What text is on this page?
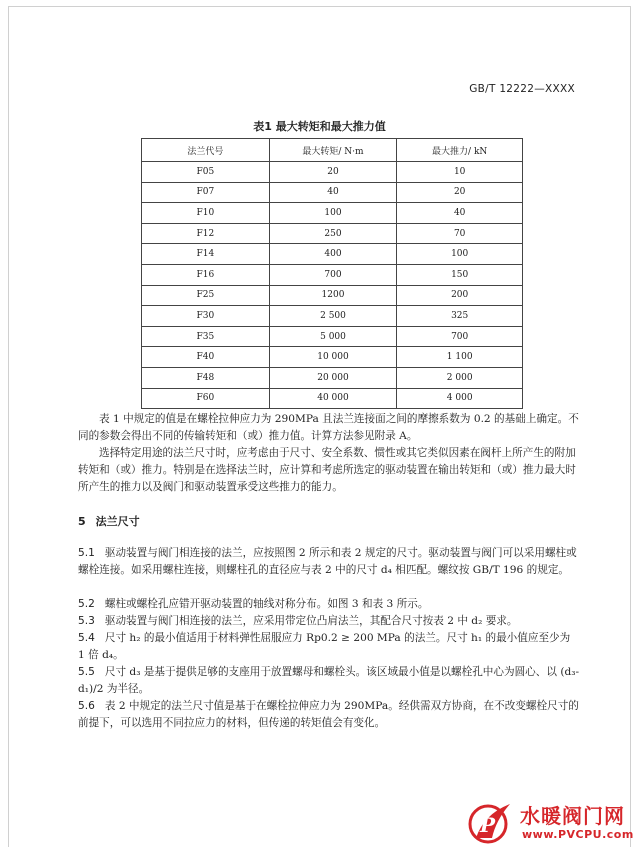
GB/T 12222—XXXX
表1 最大转矩和最大推力值
法兰代号	最大转矩/ N·m	最大推力/ kN
F05	20	10
F07	40	20
F10	100	40
F12	250	70
F14	400	100
F16	700	150
F25	1200	200
F30	2 500	325
F35	5 000	700
F40	10 000	1 100
F48	20 000	2 000
F60	40 000	4 000

表 1 中规定的值是在螺栓拉伸应力为 290MPa 且法兰连接面之间的摩擦系数为 0.2 的基础上确定。不同的参数会得出不同的传输转矩和（或）推力值。计算方法参见附录 A。

选择特定用途的法兰尺寸时，应考虑由于尺寸、安全系数、惯性或其它类似因素在阀杆上所产生的附加转矩和（或）推力。特别是在选择法兰时，应计算和考虑所选定的驱动装置在输出转矩和（或）推力最大时所产生的推力以及阀门和驱动装置承受这些推力的能力。

5 法兰尺寸

5.1 驱动装置与阀门相连接的法兰，应按照图 2 所示和表 2 规定的尺寸。驱动装置与阀门可以采用螺柱或螺栓连接。如采用螺柱连接，则螺柱孔的直径应与表 2 中的尺寸 d₄ 相匹配。螺纹按 GB/T 196 的规定。

5.2 螺柱或螺栓孔应错开驱动装置的轴线对称分布。如图 3 和表 3 所示。

5.3 驱动装置与阀门相连接的法兰，应采用带定位凸肩法兰，其配合尺寸按表 2 中 d₂ 要求。

5.4 尺寸 h₂ 的最小值适用于材料弹性屈服应力 Rp0.2 ≥ 200 MPa 的法兰。尺寸 h₁ 的最小值应至少为 1 倍 d₄。

5.5 尺寸 d₃ 是基于提供足够的支座用于放置螺母和螺栓头。该区域最小值是以螺栓孔中心为圆心、以 (d₃-d₁)/2 为半径。

5.6 表 2 中规定的法兰尺寸值是基于在螺栓拉伸应力为 290MPa。经供需双方协商，在不改变螺栓尺寸的前提下，可以选用不同拉应力的材料，但传递的转矩值会有变化。

P 水暖阀门网
www.PVCPU.com
